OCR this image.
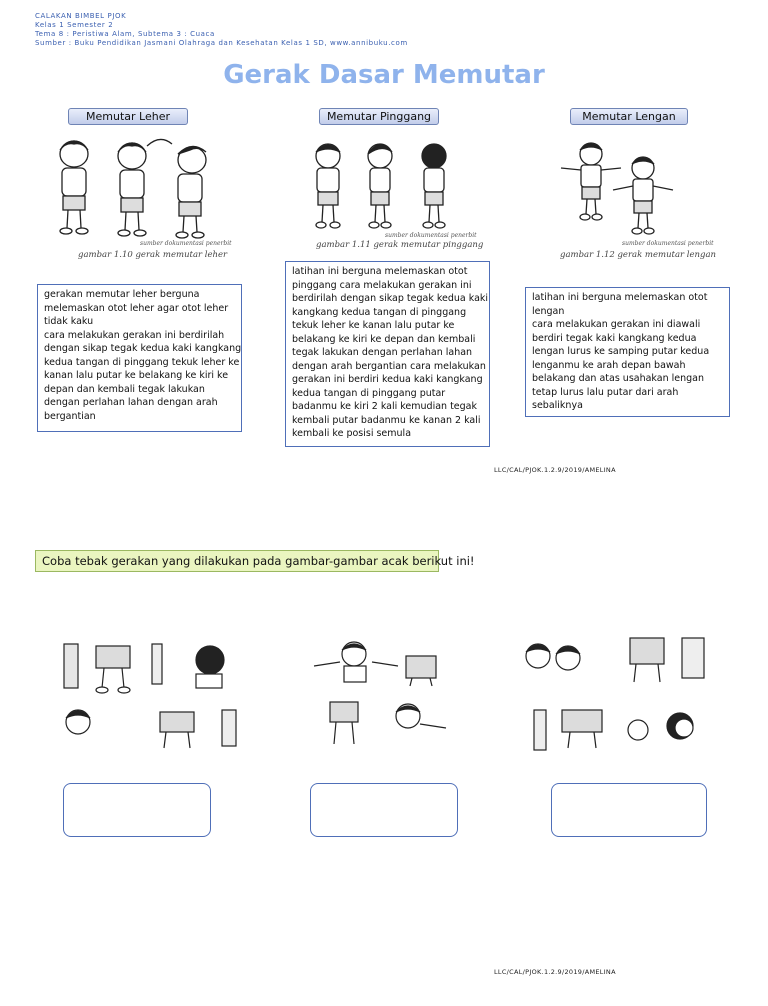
CALAKAN BIMBEL PJOK
Kelas 1 Semester 2
Tema 8 : Peristiwa Alam, Subtema 3 : Cuaca
Sumber : Buku Pendidikan Jasmani Olahraga dan Kesehatan Kelas 1 SD, www.annibuku.com
Gerak Dasar Memutar
Memutar Leher	Memutar Pinggang	Memutar Lengan
sumber dokumentasi penerbit
gambar 1.10 gerak memutar leher
sumber dokumentasi penerbit
gambar 1.11 gerak memutar pinggang	sumber dokumentasi penerbit
gambar 1.12 gerak memutar lengan
gerakan memutar leher berguna
melemaskan otot leher agar otot leher
tidak kaku
cara melakukan gerakan ini berdirilah
dengan sikap tegak kedua kaki kangkang
kedua tangan di pinggang tekuk leher ke
kanan lalu putar ke belakang ke kiri ke
depan dan kembali tegak lakukan
dengan perlahan lahan dengan arah
bergantian
latihan ini berguna melemaskan otot
pinggang cara melakukan gerakan ini
berdirilah dengan sikap tegak kedua kaki
kangkang kedua tangan di pinggang
tekuk leher ke kanan lalu putar ke
belakang ke kiri ke depan dan kembali
tegak lakukan dengan perlahan lahan
dengan arah bergantian cara melakukan
gerakan ini berdiri kedua kaki kangkang
kedua tangan di pinggang putar
badanmu ke kiri 2 kali kemudian tegak
kembali putar badanmu ke kanan 2 kali
kembali ke posisi semula
latihan ini berguna melemaskan otot
lengan
cara melakukan gerakan ini diawali
berdiri tegak kaki kangkang kedua
lengan lurus ke samping putar kedua
lenganmu ke arah depan bawah
belakang dan atas usahakan lengan
tetap lurus lalu putar dari arah
sebaliknya
LLC/CAL/PJOK.1.2.9/2019/AMELINA
Coba tebak gerakan yang dilakukan pada gambar-gambar acak berikut ini!
LLC/CAL/PJOK.1.2.9/2019/AMELINA
